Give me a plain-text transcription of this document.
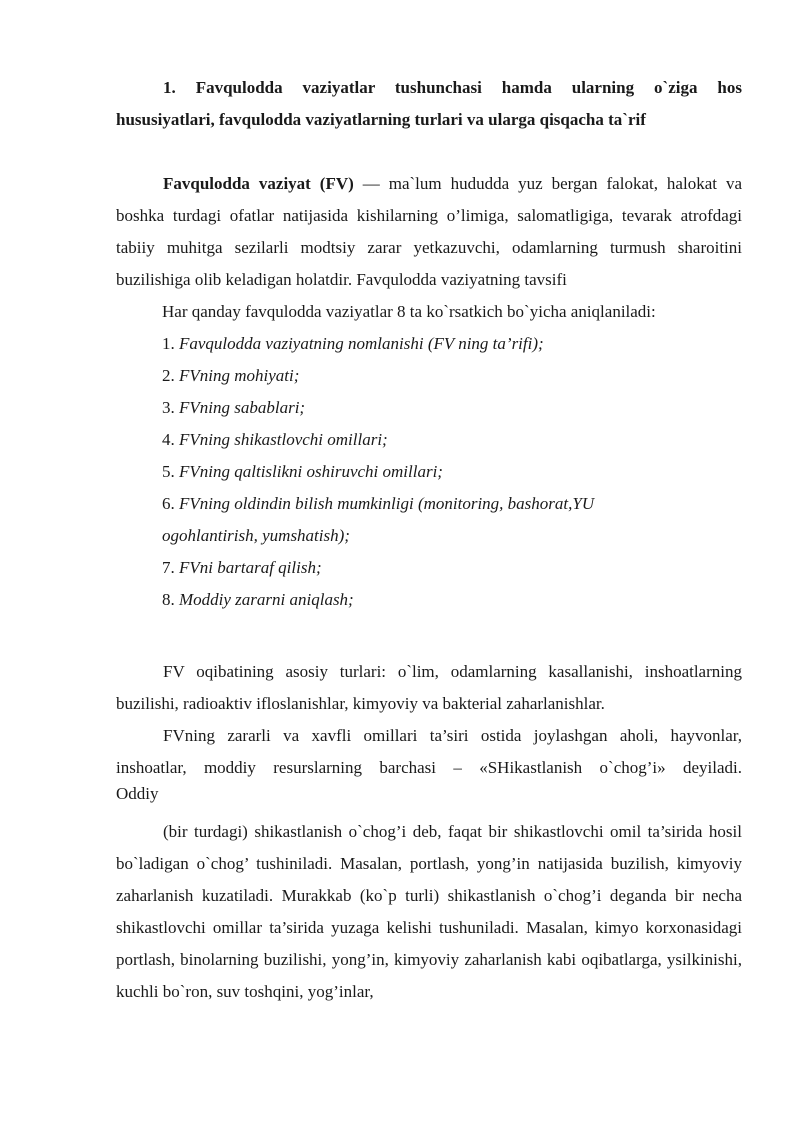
1. Favqulodda vaziyatlar tushunchasi hamda ularning o`ziga hos

hususiyatlari, favqulodda vaziyatlarning turlari va ularga qisqacha ta`rif

Favqulodda vaziyat (FV) — ma`lum hududda yuz bergan falokat, halokat va boshka turdagi ofatlar natijasida kishilarning o’limiga, salomatligiga, tevarak atrofdagi tabiiy muhitga sezilarli modtsiy zarar yetkazuvchi, odamlarning turmush sharoitini buzilishiga olib keladigan holatdir. Favqulodda vaziyatning tavsifi

Har qanday favqulodda vaziyatlar 8 ta ko`rsatkich bo`yicha aniqlaniladi:

1. Favqulodda vaziyatning nomlanishi (FV ning ta’rifi);

2. FVning mohiyati;

3. FVning sabablari;

4. FVning shikastlovchi omillari;

5. FVning qaltislikni oshiruvchi omillari;

6. FVning oldindin bilish mumkinligi (monitoring, bashorat,YU

ogohlantirish, yumshatish);

7. FVni bartaraf qilish;

8. Moddiy zararni aniqlash;

FV oqibatining asosiy turlari: o`lim, odamlarning kasallanishi, inshoatlarning buzilishi, radioaktiv ifloslanishlar, kimyoviy va bakterial zaharlanishlar.

FVning zararli va xavfli omillari ta’siri ostida joylashgan aholi, hayvonlar,

inshoatlar, moddiy resurslarning barchasi – «SHikastlanish o`chog’i» deyiladi.

Oddiy

(bir turdagi) shikastlanish o`chog’i deb, faqat bir shikastlovchi omil ta’sirida hosil bo`ladigan o`chog’ tushiniladi. Masalan, portlash, yong’in natijasida buzilish, kimyoviy zaharlanish kuzatiladi. Murakkab (ko`p turli) shikastlanish o`chog’i deganda bir necha shikastlovchi omillar ta’sirida yuzaga kelishi tushuniladi. Masalan, kimyo korxonasidagi portlash, binolarning buzilishi, yong’in, kimyoviy zaharlanish kabi oqibatlarga, ysilkinishi, kuchli bo`ron, suv toshqini, yog’inlar,
